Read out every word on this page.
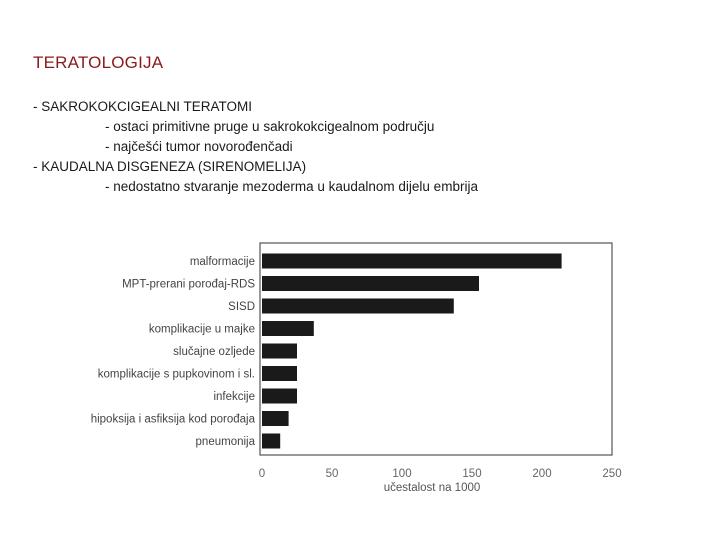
TERATOLOGIJA
- SAKROKOKCIGEALNI TERATOMI
- ostaci primitivne pruge u sakrokokcigealnom području
- najčešći tumor novorođenčadi
- KAUDALNA DISGENEZA (SIRENOMELIJA)
- nedostatno stvaranje mezoderma u kaudalnom dijelu embrija
malformacije
MPT-prerani porođaj-RDS
SISD
komplikacije u majke
slučajne ozljede
komplikacije s pupkovinom i sl.
infekcije
hipoksija i asfiksija kod porođaja
pneumonija
0	50	100	150	200	250
učestalost na 1000
